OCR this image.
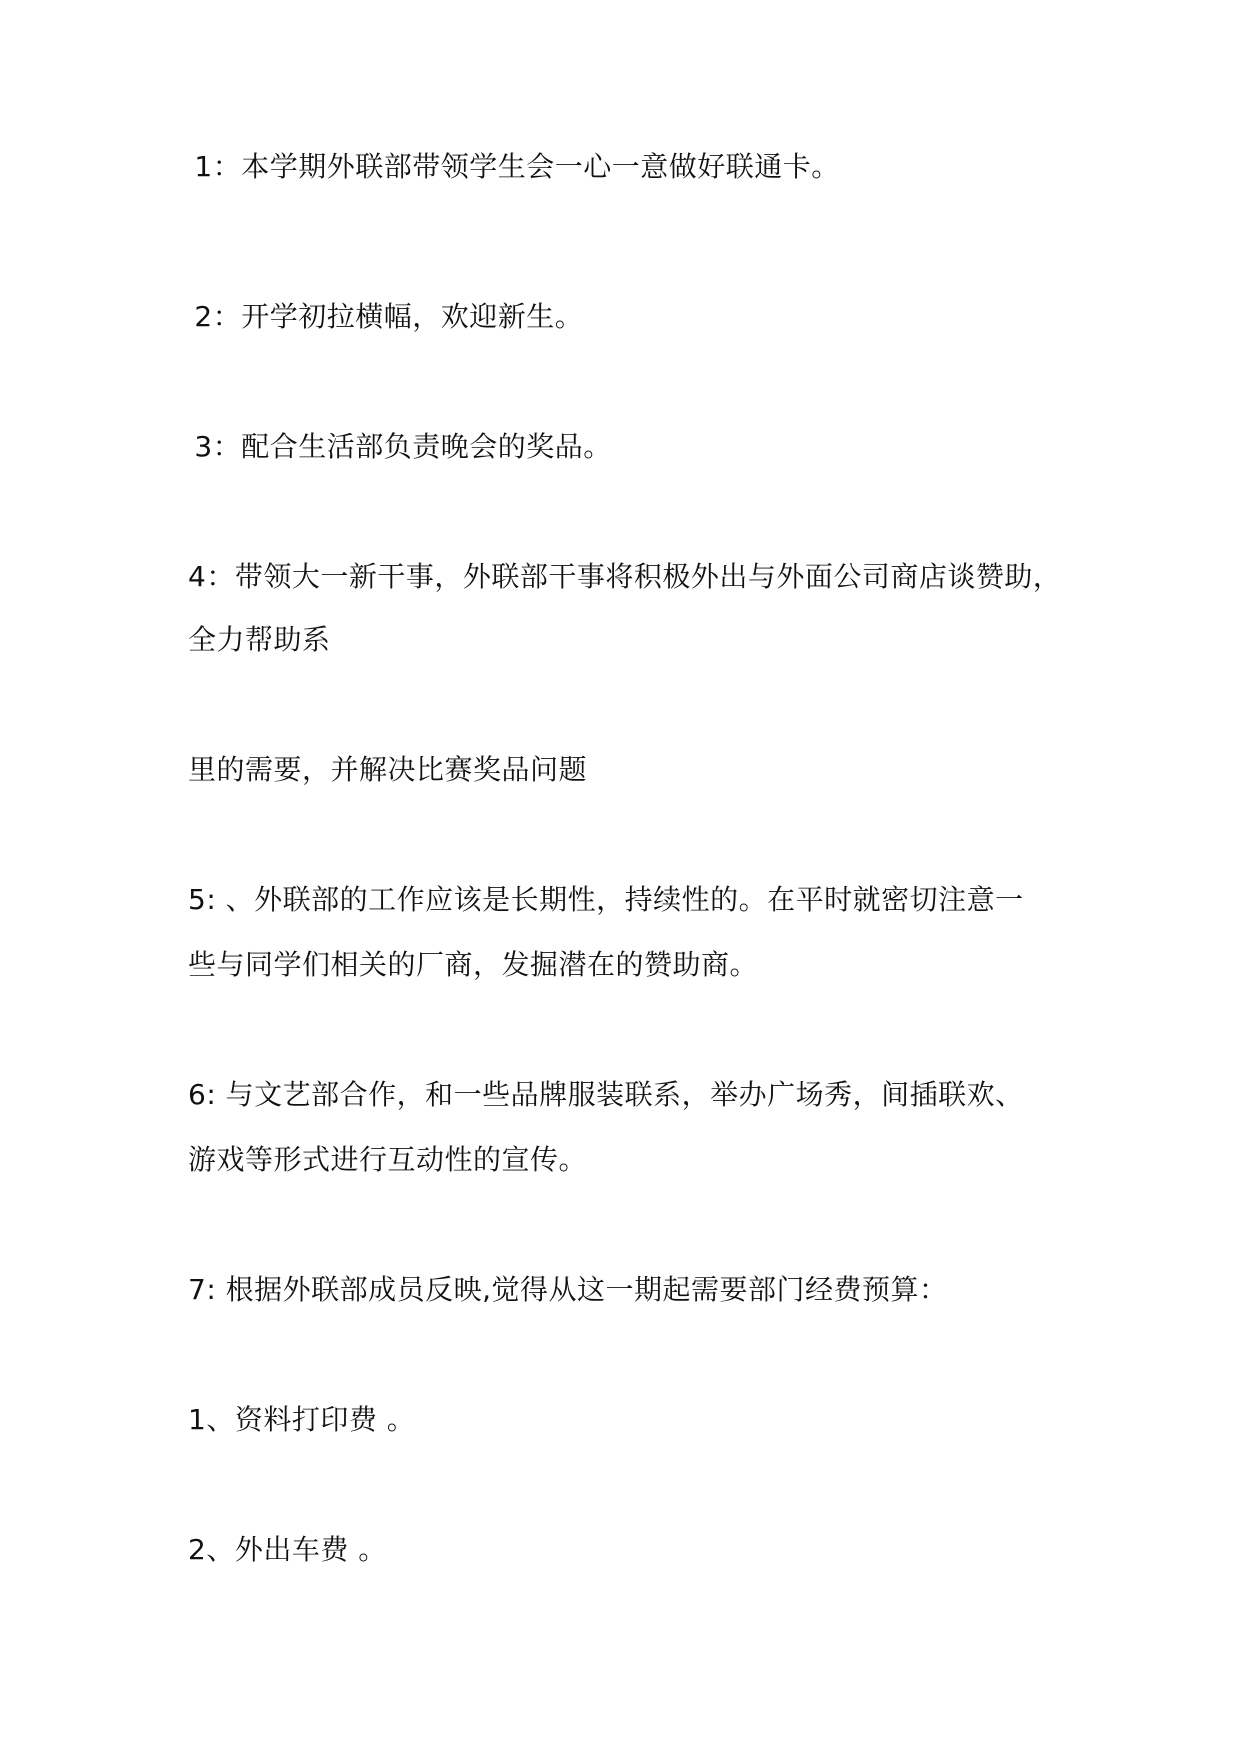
1：本学期外联部带领学生会一心一意做好联通卡。
2：开学初拉横幅，欢迎新生。
3：配合生活部负责晚会的奖品。
4：带领大一新干事，外联部干事将积极外出与外面公司商店谈赞助，
全力帮助系
里的需要，并解决比赛奖品问题
5: 、外联部的工作应该是长期性，持续性的。在平时就密切注意一
些与同学们相关的厂商，发掘潜在的赞助商。
6: 与文艺部合作，和一些品牌服装联系，举办广场秀，间插联欢、
游戏等形式进行互动性的宣传。
7: 根据外联部成员反映,觉得从这一期起需要部门经费预算：
1、资料打印费 。
2、外出车费 。
